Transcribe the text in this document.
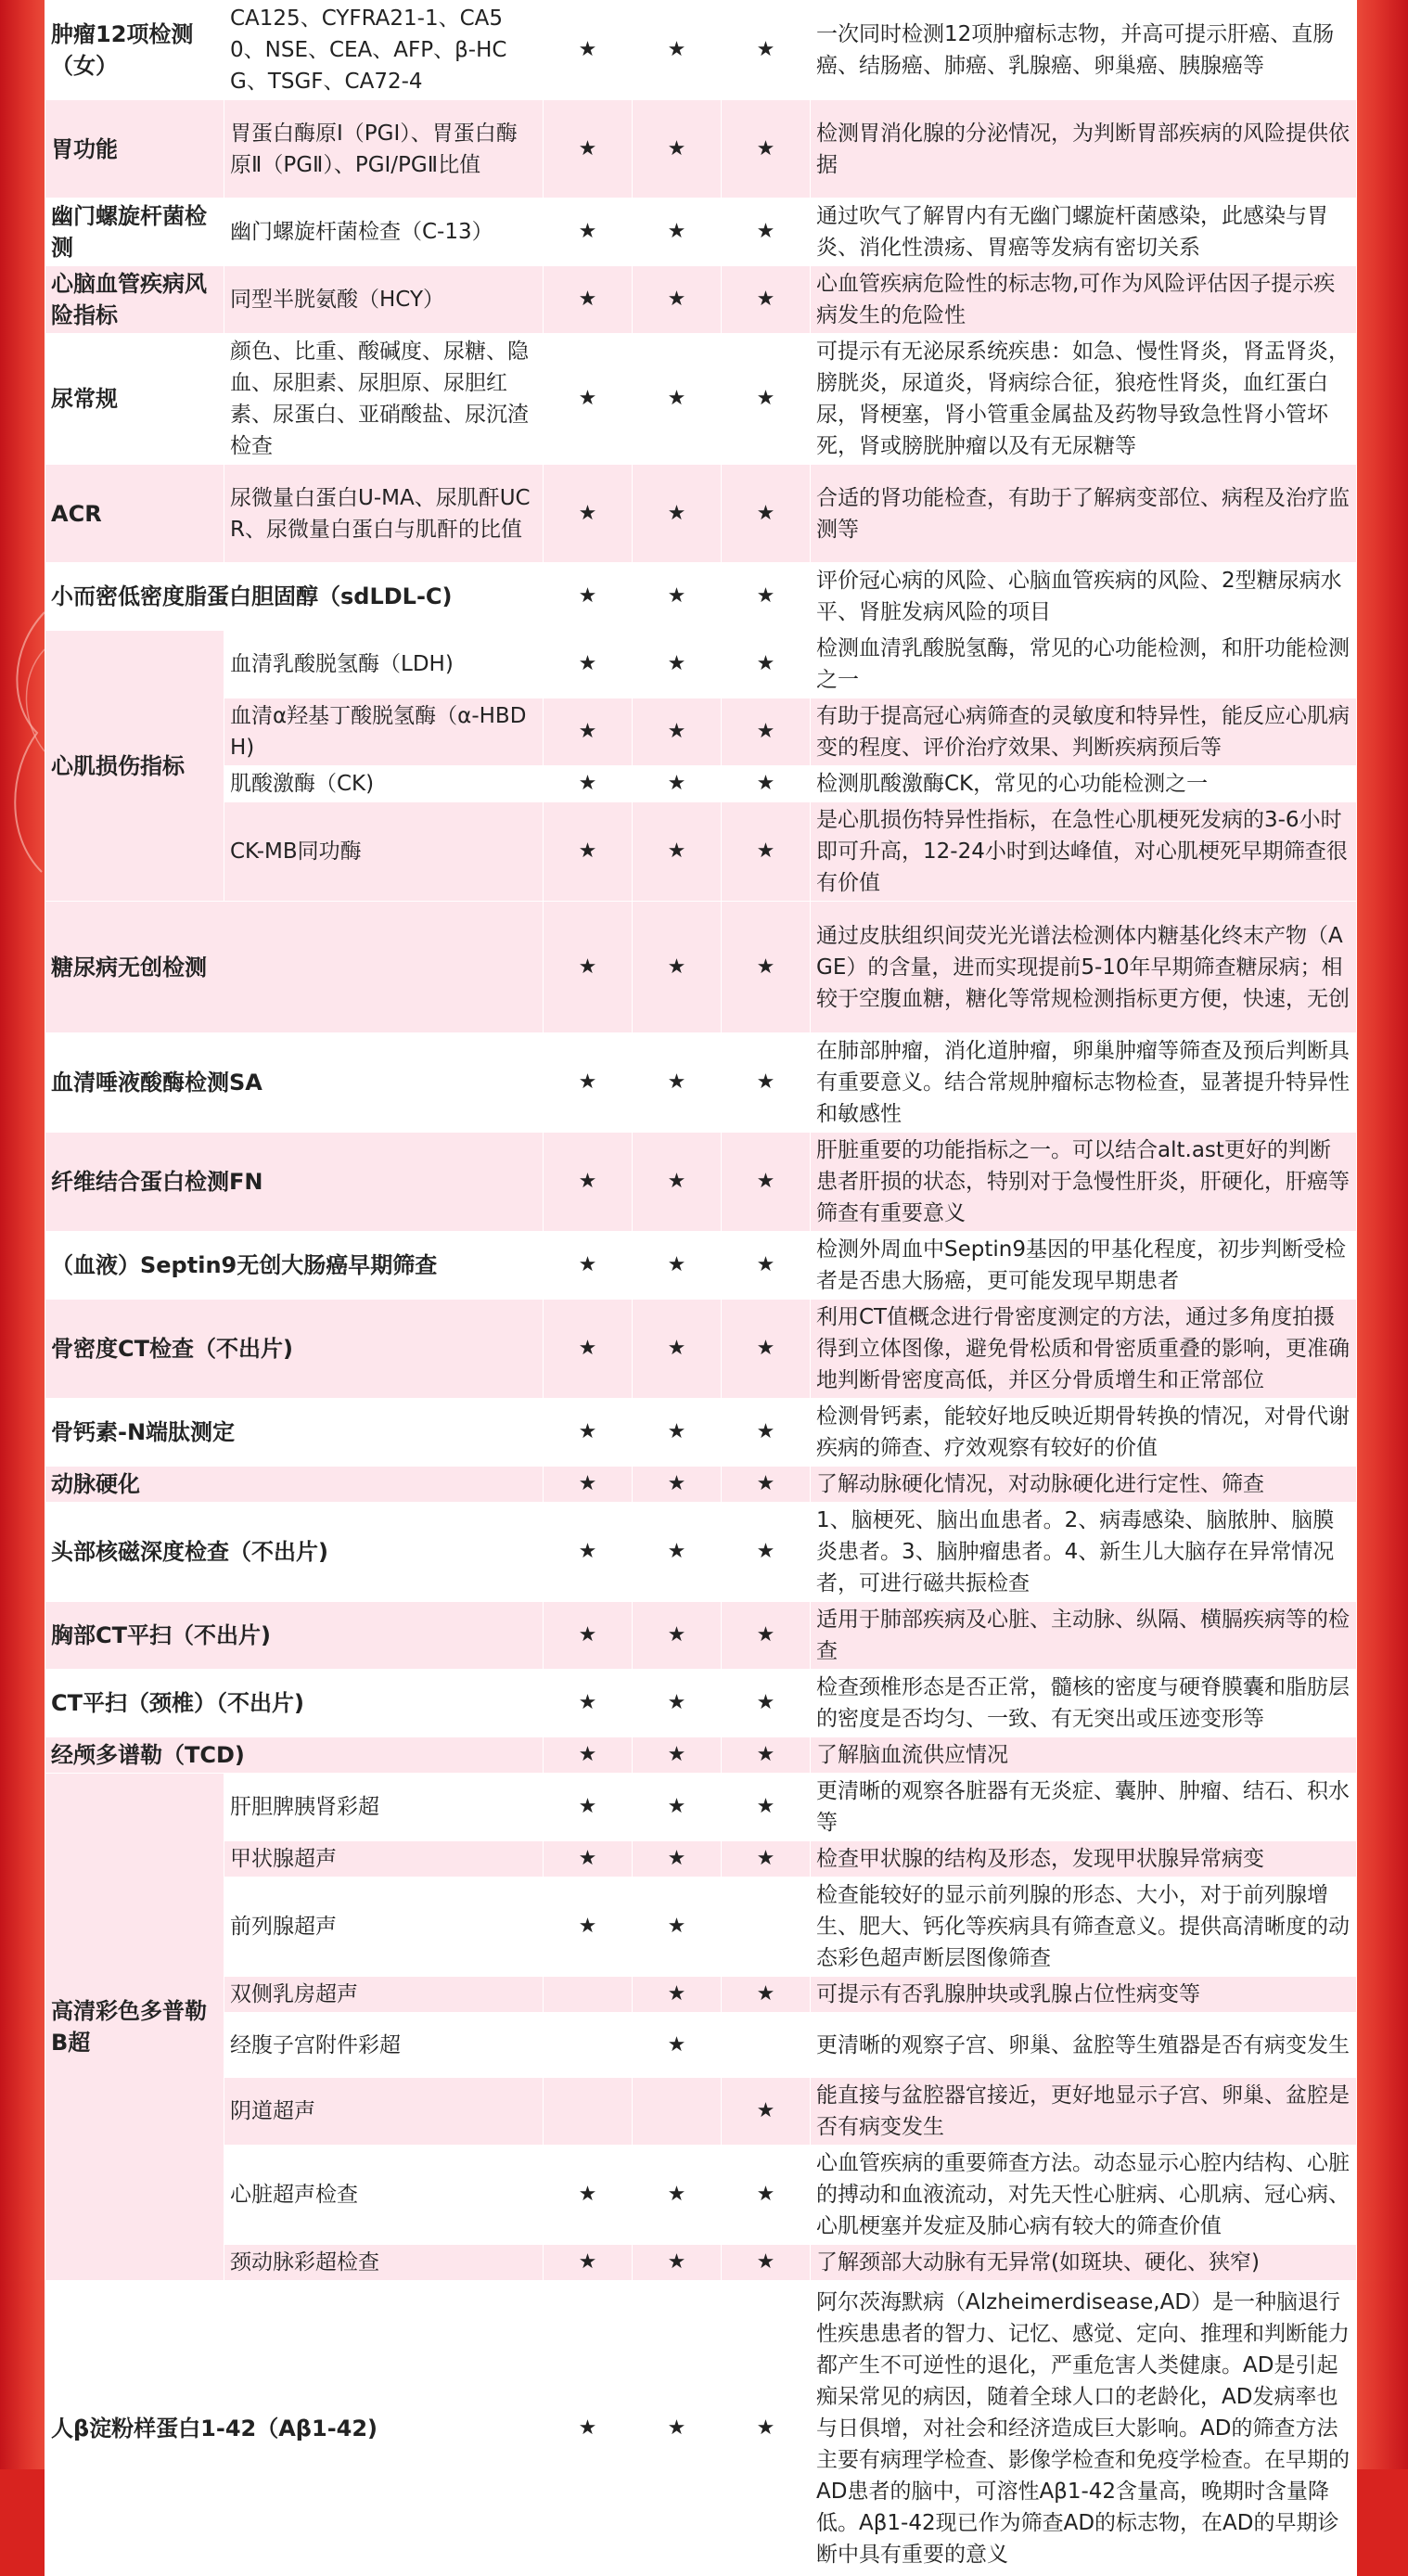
肿瘤12项检测（女）	CA125、CYFRA21-1、CA50、NSE、CEA、AFP、β-HCG、TSGF、CA72-4	★	★	★	一次同时检测12项肿瘤标志物，并高可提示肝癌、直肠癌、结肠癌、肺癌、乳腺癌、卵巢癌、胰腺癌等
胃功能	胃蛋白酶原Ⅰ（PGⅠ）、胃蛋白酶原Ⅱ（PGⅡ）、PGⅠ/PGⅡ比值	★	★	★	检测胃消化腺的分泌情况，为判断胃部疾病的风险提供依据
幽门螺旋杆菌检测	幽门螺旋杆菌检查（C-13）	★	★	★	通过吹气了解胃内有无幽门螺旋杆菌感染，此感染与胃炎、消化性溃疡、胃癌等发病有密切关系
心脑血管疾病风险指标	同型半胱氨酸（HCY）	★	★	★	心血管疾病危险性的标志物,可作为风险评估因子提示疾病发生的危险性
尿常规	颜色、比重、酸碱度、尿糖、隐血、尿胆素、尿胆原、尿胆红素、尿蛋白、亚硝酸盐、尿沉渣检查	★	★	★	可提示有无泌尿系统疾患：如急、慢性肾炎，肾盂肾炎，膀胱炎，尿道炎，肾病综合征，狼疮性肾炎，血红蛋白尿，肾梗塞，肾小管重金属盐及药物导致急性肾小管坏死，肾或膀胱肿瘤以及有无尿糖等
ACR	尿微量白蛋白U-MA、尿肌酐UCR、尿微量白蛋白与肌酐的比值	★	★	★	合适的肾功能检查，有助于了解病变部位、病程及治疗监测等
小而密低密度脂蛋白胆固醇（sdLDL-C)		★	★	★	评价冠心病的风险、心脑血管疾病的风险、2型糖尿病水平、肾脏发病风险的项目
心肌损伤指标	血清乳酸脱氢酶（LDH)	★	★	★	检测血清乳酸脱氢酶，常见的心功能检测，和肝功能检测之一
	血清α羟基丁酸脱氢酶（α-HBDH)	★	★	★	有助于提高冠心病筛查的灵敏度和特异性，能反应心肌病变的程度、评价治疗效果、判断疾病预后等
	肌酸激酶（CK)	★	★	★	检测肌酸激酶CK，常见的心功能检测之一
	CK-MB同功酶	★	★	★	是心肌损伤特异性指标，在急性心肌梗死发病的3-6小时即可升高，12-24小时到达峰值，对心肌梗死早期筛查很有价值
糖尿病无创检测		★	★	★	通过皮肤组织间荧光光谱法检测体内糖基化终末产物（AGE）的含量，进而实现提前5-10年早期筛查糖尿病；相较于空腹血糖，糖化等常规检测指标更方便，快速，无创
血清唾液酸酶检测SA		★	★	★	在肺部肿瘤，消化道肿瘤，卵巢肿瘤等筛查及预后判断具有重要意义。结合常规肿瘤标志物检查，显著提升特异性和敏感性
纤维结合蛋白检测FN		★	★	★	肝脏重要的功能指标之一。可以结合alt.ast更好的判断患者肝损的状态，特别对于急慢性肝炎，肝硬化，肝癌等筛查有重要意义
（血液）Septin9无创大肠癌早期筛查		★	★	★	检测外周血中Septin9基因的甲基化程度，初步判断受检者是否患大肠癌，更可能发现早期患者
骨密度CT检查（不出片)		★	★	★	利用CT值概念进行骨密度测定的方法，通过多角度拍摄得到立体图像，避免骨松质和骨密质重叠的影响，更准确地判断骨密度高低，并区分骨质增生和正常部位
骨钙素-N端肽测定		★	★	★	检测骨钙素，能较好地反映近期骨转换的情况，对骨代谢疾病的筛查、疗效观察有较好的价值
动脉硬化		★	★	★	了解动脉硬化情况，对动脉硬化进行定性、筛查
头部核磁深度检查（不出片)		★	★	★	1、脑梗死、脑出血患者。2、病毒感染、脑脓肿、脑膜炎患者。3、脑肿瘤患者。4、新生儿大脑存在异常情况者，可进行磁共振检查
胸部CT平扫（不出片)		★	★	★	适用于肺部疾病及心脏、主动脉、纵隔、横膈疾病等的检查
CT平扫（颈椎）（不出片)		★	★	★	检查颈椎形态是否正常，髓核的密度与硬脊膜囊和脂肪层的密度是否均匀、一致、有无突出或压迹变形等
经颅多谱勒（TCD)		★	★	★	了解脑血流供应情况
高清彩色多普勒B超	肝胆脾胰肾彩超	★	★	★	更清晰的观察各脏器有无炎症、囊肿、肿瘤、结石、积水等
	甲状腺超声	★	★	★	检查甲状腺的结构及形态，发现甲状腺异常病变
	前列腺超声	★	★		检查能较好的显示前列腺的形态、大小，对于前列腺增生、肥大、钙化等疾病具有筛查意义。提供高清晰度的动态彩色超声断层图像筛查
	双侧乳房超声		★	★	可提示有否乳腺肿块或乳腺占位性病变等
	经腹子宫附件彩超		★		更清晰的观察子宫、卵巢、盆腔等生殖器是否有病变发生
	阴道超声			★	能直接与盆腔器官接近，更好地显示子宫、卵巢、盆腔是否有病变发生
	心脏超声检查	★	★	★	心血管疾病的重要筛查方法。动态显示心腔内结构、心脏的搏动和血液流动，对先天性心脏病、心肌病、冠心病、心肌梗塞并发症及肺心病有较大的筛查价值
	颈动脉彩超检查	★	★	★	了解颈部大动脉有无异常(如斑块、硬化、狭窄)
人β淀粉样蛋白1-42（Aβ1-42)		★	★	★	阿尔茨海默病（Alzheimerdisease,AD）是一种脑退行性疾患患者的智力、记忆、感觉、定向、推理和判断能力都产生不可逆性的退化，严重危害人类健康。AD是引起痴呆常见的病因，随着全球人口的老龄化，AD发病率也与日俱增，对社会和经济造成巨大影响。AD的筛查方法主要有病理学检查、影像学检查和免疫学检查。在早期的AD患者的脑中，可溶性Aβ1-42含量高，晚期时含量降低。Aβ1-42现已作为筛查AD的标志物，在AD的早期诊断中具有重要的意义
